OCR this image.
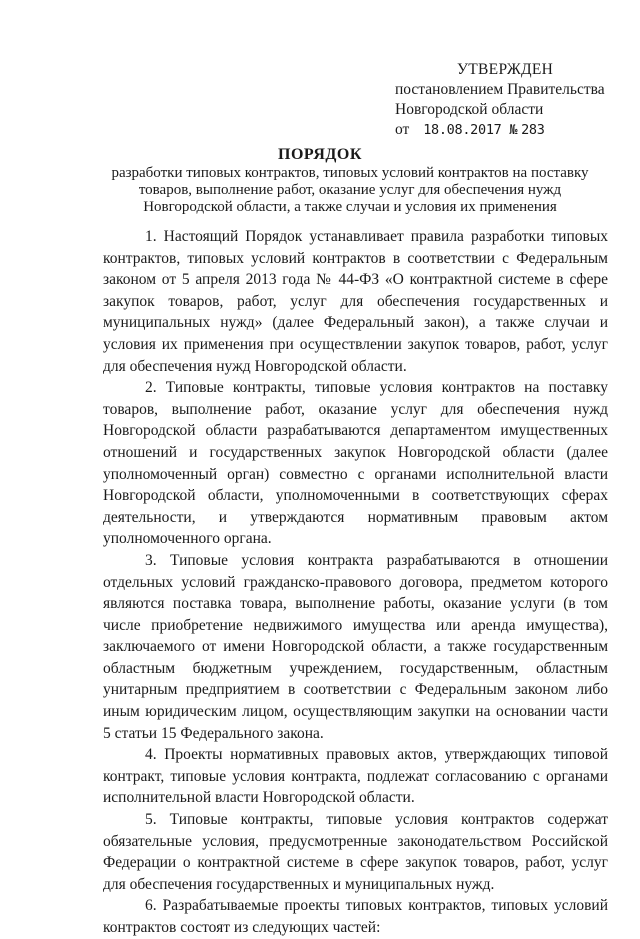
УТВЕРЖДЕН
постановлением Правительства
Новгородской области
от 18.08.2017 № 283
ПОРЯДОК
разработки типовых контрактов, типовых условий контрактов на поставку товаров, выполнение работ, оказание услуг для обеспечения нужд Новгородской области, а также случаи и условия их применения

1. Настоящий Порядок устанавливает правила разработки типовых контрактов, типовых условий контрактов в соответствии с Федеральным законом от 5 апреля 2013 года № 44-ФЗ «О контрактной системе в сфере закупок товаров, работ, услуг для обеспечения государственных и муниципальных нужд» (далее Федеральный закон), а также случаи и условия их применения при осуществлении закупок товаров, работ, услуг для обеспечения нужд Новгородской области.

2. Типовые контракты, типовые условия контрактов на поставку товаров, выполнение работ, оказание услуг для обеспечения нужд Новгородской области разрабатываются департаментом имущественных отношений и государственных закупок Новгородской области (далее уполномоченный орган) совместно с органами исполнительной власти Новгородской области, уполномоченными в соответствующих сферах деятельности, и утверждаются нормативным правовым актом уполномоченного органа.

3. Типовые условия контракта разрабатываются в отношении отдельных условий гражданско-правового договора, предметом которого являются поставка товара, выполнение работы, оказание услуги (в том числе приобретение недвижимого имущества или аренда имущества), заключаемого от имени Новгородской области, а также государственным областным бюджетным учреждением, государственным, областным унитарным предприятием в соответствии с Федеральным законом либо иным юридическим лицом, осуществляющим закупки на основании части 5 статьи 15 Федерального закона.

4. Проекты нормативных правовых актов, утверждающих типовой контракт, типовые условия контракта, подлежат согласованию с органами исполнительной власти Новгородской области.

5. Типовые контракты, типовые условия контрактов содержат обязательные условия, предусмотренные законодательством Российской Федерации о контрактной системе в сфере закупок товаров, работ, услуг для обеспечения государственных и муниципальных нужд.

6. Разрабатываемые проекты типовых контрактов, типовых условий контрактов состоят из следующих частей:
